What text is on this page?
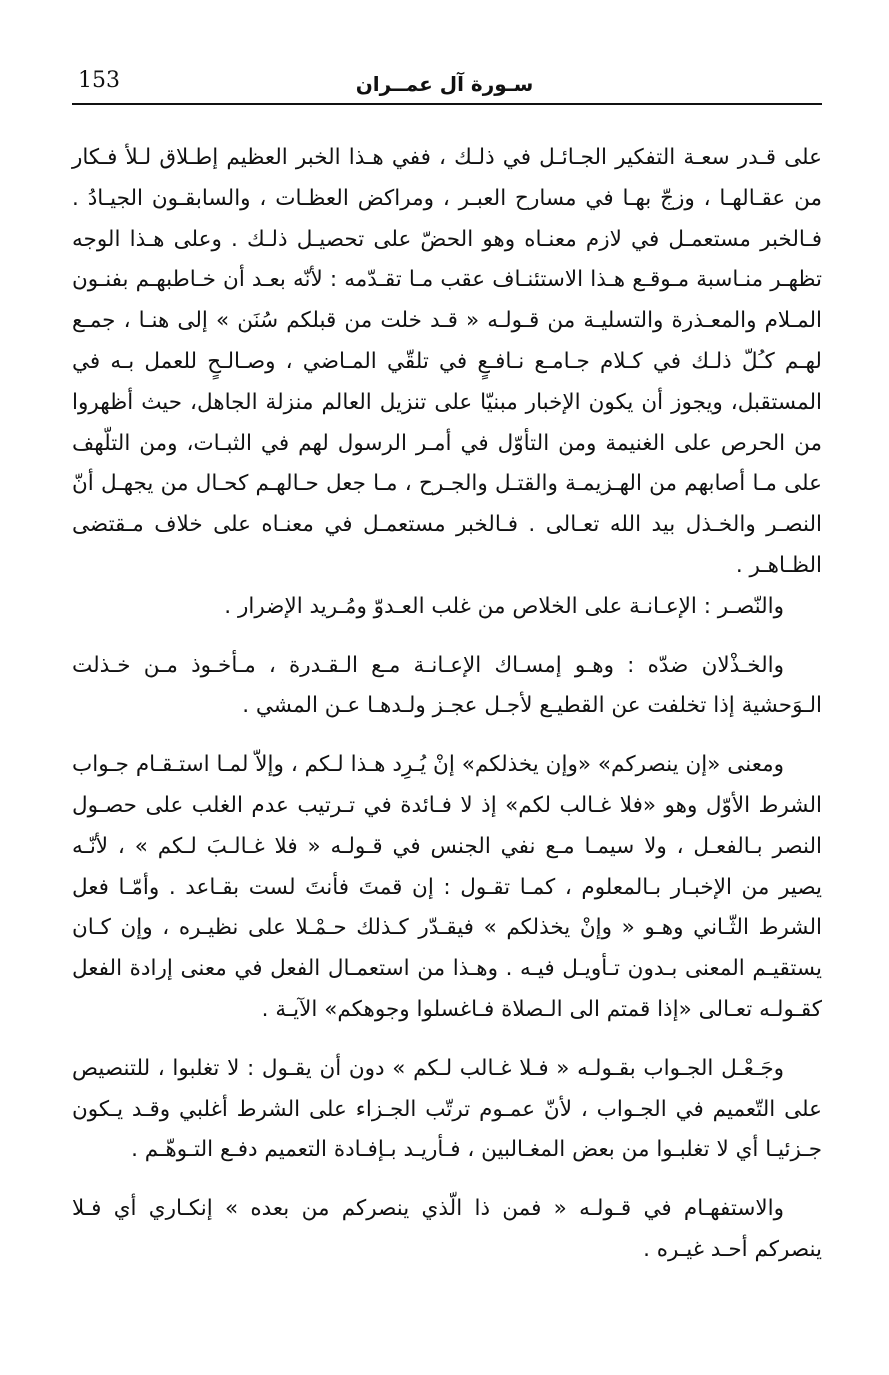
153	سـورة آل عمــران

على قـدر سعـة التفكير الجـائـل في ذلـك ، ففي هـذا الخبر العظيم إطـلاق لـلأ فـكار من عقـالهـا ، وزجّ بهـا في مسارح العبـر ، ومراكض العظـات ، والسابقـون الجيـادُ . فـالخبر مستعمـل في لازم معنـاه وهو الحضّ على تحصيـل ذلـك . وعلى هـذا الوجه تظهـر منـاسبة مـوقـع هـذا الاستئنـاف عقب مـا تقـدّمه : لأنّه بعـد أن خـاطبهـم بفنـون المـلام والمعـذرة والتسليـة من قـولـه « قـد خلت من قبلكم سُنَن » إلى هنـا ، جمـع لهـم كـُلّ ذلـك في كـلام جـامـع نـافـعٍ في تلقّي المـاضي ، وصـالـحٍ للعمل بـه في المستقبل، ويجوز أن يكون الإخبار مبنيّا على تنزيل العالم منزلة الجاهل، حيث أظهروا من الحرص على الغنيمة ومن التأوّل في أمـر الرسول لهم في الثبـات، ومن التلّهف على مـا أصابهم من الهـزيمـة والقتـل والجـرح ، مـا جعل حـالهـم كحـال من يجهـل أنّ النصـر والخـذل بيد الله تعـالى . فـالخبر مستعمـل في معنـاه على خلاف مـقتضى الظـاهـر .

والنّصـر : الإعـانـة على الخلاص من غلب العـدوّ ومُـريد الإضرار .

والخـذْلان ضدّه : وهـو إمسـاك الإعـانـة مـع الـقـدرة ، مـأخـوذ مـن خـذلت الـوَحشية إذا تخلفت عن القطيـع لأجـل عجـز ولـدهـا عـن المشي .

ومعنى «إن ينصركم» «وإن يخذلكم» إنْ يُـرِد هـذا لـكم ، وإلاّ لمـا استـقـام جـواب الشرط الأوّل وهو «فلا غـالب لكم» إذ لا فـائدة في تـرتيب عدم الغلب على حصـول النصر بـالفعـل ، ولا سيمـا مـع نفي الجنس في قـولـه « فلا غـالـبَ لـكم » ، لأنّـه يصير من الإخبـار بـالمعلوم ، كمـا تقـول : إن قمتَ فأنتَ لست بقـاعد . وأمّـا فعل الشرط الثّـاني وهـو « وإنْ يخذلكم » فيقـدّر كـذلك حـمْـلا على نظيـره ، وإن كـان يستقيـم المعنى بـدون تـأويـل فيـه . وهـذا من استعمـال الفعل في معنى إرادة الفعل كقـولـه تعـالى «إذا قمتم الى الـصلاة فـاغسلوا وجوهكم» الآيـة .

وجَـعْـل الجـواب بقـولـه « فـلا غـالب لـكم » دون أن يقـول : لا تغلبوا ، للتنصيص على التّعميم في الجـواب ، لأنّ عمـوم ترتّب الجـزاء على الشرط أغلبي وقـد يـكون جـزئيـا أي لا تغلبـوا من بعض المغـالبين ، فـأريـد بـإفـادة التعميم دفـع التـوهّـم .

والاستفهـام في قـولـه « فمن ذا الّذي ينصركم من بعده » إنكـاري أي فـلا ينصركم أحـد غيـره .
